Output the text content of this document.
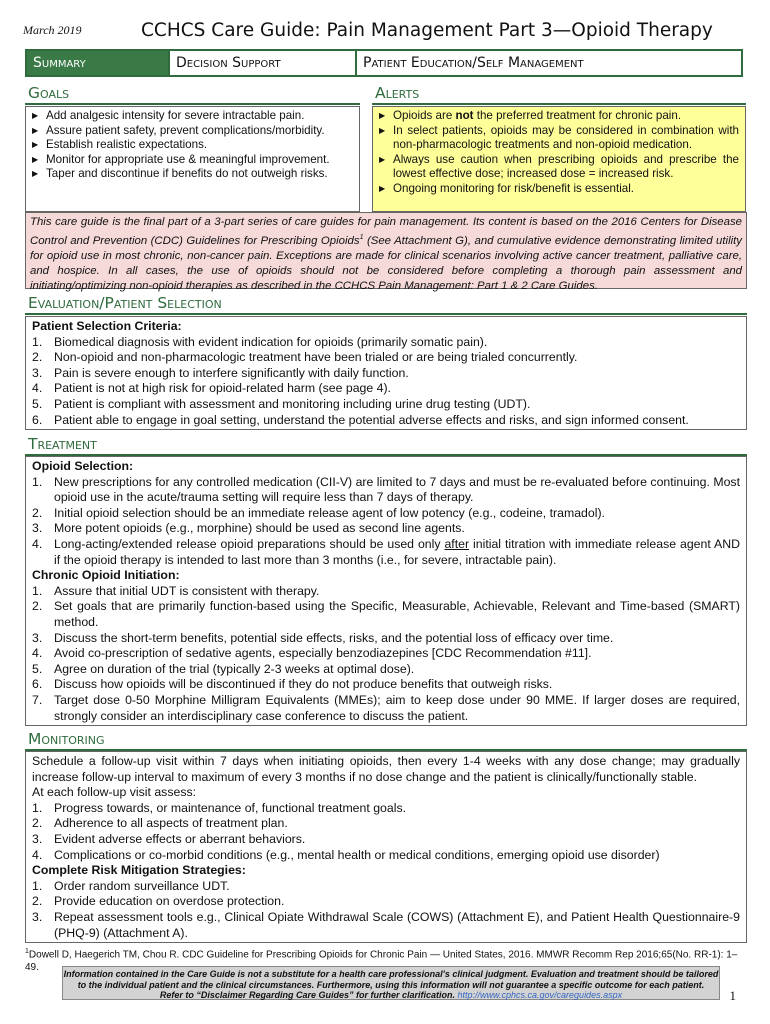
March 2019	CCHCS Care Guide: Pain Management Part 3—Opioid Therapy
Summary	Decision Support	Patient Education/Self Management
Goals	Alerts
▶ Add analgesic intensity for severe intractable pain.
▶ Assure patient safety, prevent complications/morbidity.
▶ Establish realistic expectations.
▶ Monitor for appropriate use & meaningful improvement.
▶ Taper and discontinue if benefits do not outweigh risks.
▶ Opioids are not the preferred treatment for chronic pain.
▶ In select patients, opioids may be considered in combination with non-pharmacologic treatments and non-opioid medication.
▶ Always use caution when prescribing opioids and prescribe the lowest effective dose; increased dose = increased risk.
▶ Ongoing monitoring for risk/benefit is essential.
This care guide is the final part of a 3-part series of care guides for pain management. Its content is based on the 2016 Centers for Disease Control and Prevention (CDC) Guidelines for Prescribing Opioids$^1$ (See Attachment G), and cumulative evidence demonstrating limited utility for opioid use in most chronic, non-cancer pain. Exceptions are made for clinical scenarios involving active cancer treatment, palliative care, and hospice. In all cases, the use of opioids should not be considered before completing a thorough pain assessment and initiating/optimizing non-opioid therapies as described in the CCHCS Pain Management: Part 1 & 2 Care Guides.
Evaluation/Patient Selection
Patient Selection Criteria:
1. Biomedical diagnosis with evident indication for opioids (primarily somatic pain).
2. Non-opioid and non-pharmacologic treatment have been trialed or are being trialed concurrently.
3. Pain is severe enough to interfere significantly with daily function.
4. Patient is not at high risk for opioid-related harm (see page 4).
5. Patient is compliant with assessment and monitoring including urine drug testing (UDT).
6. Patient able to engage in goal setting, understand the potential adverse effects and risks, and sign informed consent.
Treatment
Opioid Selection:
1. New prescriptions for any controlled medication (CII-V) are limited to 7 days and must be re-evaluated before continuing. Most opioid use in the acute/trauma setting will require less than 7 days of therapy.
2. Initial opioid selection should be an immediate release agent of low potency (e.g., codeine, tramadol).
3. More potent opioids (e.g., morphine) should be used as second line agents.
4. Long-acting/extended release opioid preparations should be used only after initial titration with immediate release agent AND if the opioid therapy is intended to last more than 3 months (i.e., for severe, intractable pain).
Chronic Opioid Initiation:
1. Assure that initial UDT is consistent with therapy.
2. Set goals that are primarily function-based using the Specific, Measurable, Achievable, Relevant and Time-based (SMART) method.
3. Discuss the short-term benefits, potential side effects, risks, and the potential loss of efficacy over time.
4. Avoid co-prescription of sedative agents, especially benzodiazepines [CDC Recommendation #11].
5. Agree on duration of the trial (typically 2-3 weeks at optimal dose).
6. Discuss how opioids will be discontinued if they do not produce benefits that outweigh risks.
7. Target dose 0-50 Morphine Milligram Equivalents (MMEs); aim to keep dose under 90 MME. If larger doses are required, strongly consider an interdisciplinary case conference to discuss the patient.
Monitoring
Schedule a follow-up visit within 7 days when initiating opioids, then every 1-4 weeks with any dose change; may gradually increase follow-up interval to maximum of every 3 months if no dose change and the patient is clinically/functionally stable.
At each follow-up visit assess:
1. Progress towards, or maintenance of, functional treatment goals.
2. Adherence to all aspects of treatment plan.
3. Evident adverse effects or aberrant behaviors.
4. Complications or co-morbid conditions (e.g., mental health or medical conditions, emerging opioid use disorder)
Complete Risk Mitigation Strategies:
1. Order random surveillance UDT.
2. Provide education on overdose protection.
3. Repeat assessment tools e.g., Clinical Opiate Withdrawal Scale (COWS) (Attachment E), and Patient Health Questionnaire-9 (PHQ-9) (Attachment A).
$^1$Dowell D, Haegerich TM, Chou R. CDC Guideline for Prescribing Opioids for Chronic Pain — United States, 2016. MMWR Recomm Rep 2016;65(No. RR-1): 1–49.
Information contained in the Care Guide is not a substitute for a health care professional's clinical judgment. Evaluation and treatment should be tailored to the individual patient and the clinical circumstances. Furthermore, using this information will not guarantee a specific outcome for each patient.
Refer to “Disclaimer Regarding Care Guides” for further clarification. http://www.cphcs.ca.gov/careguides.aspx	1
